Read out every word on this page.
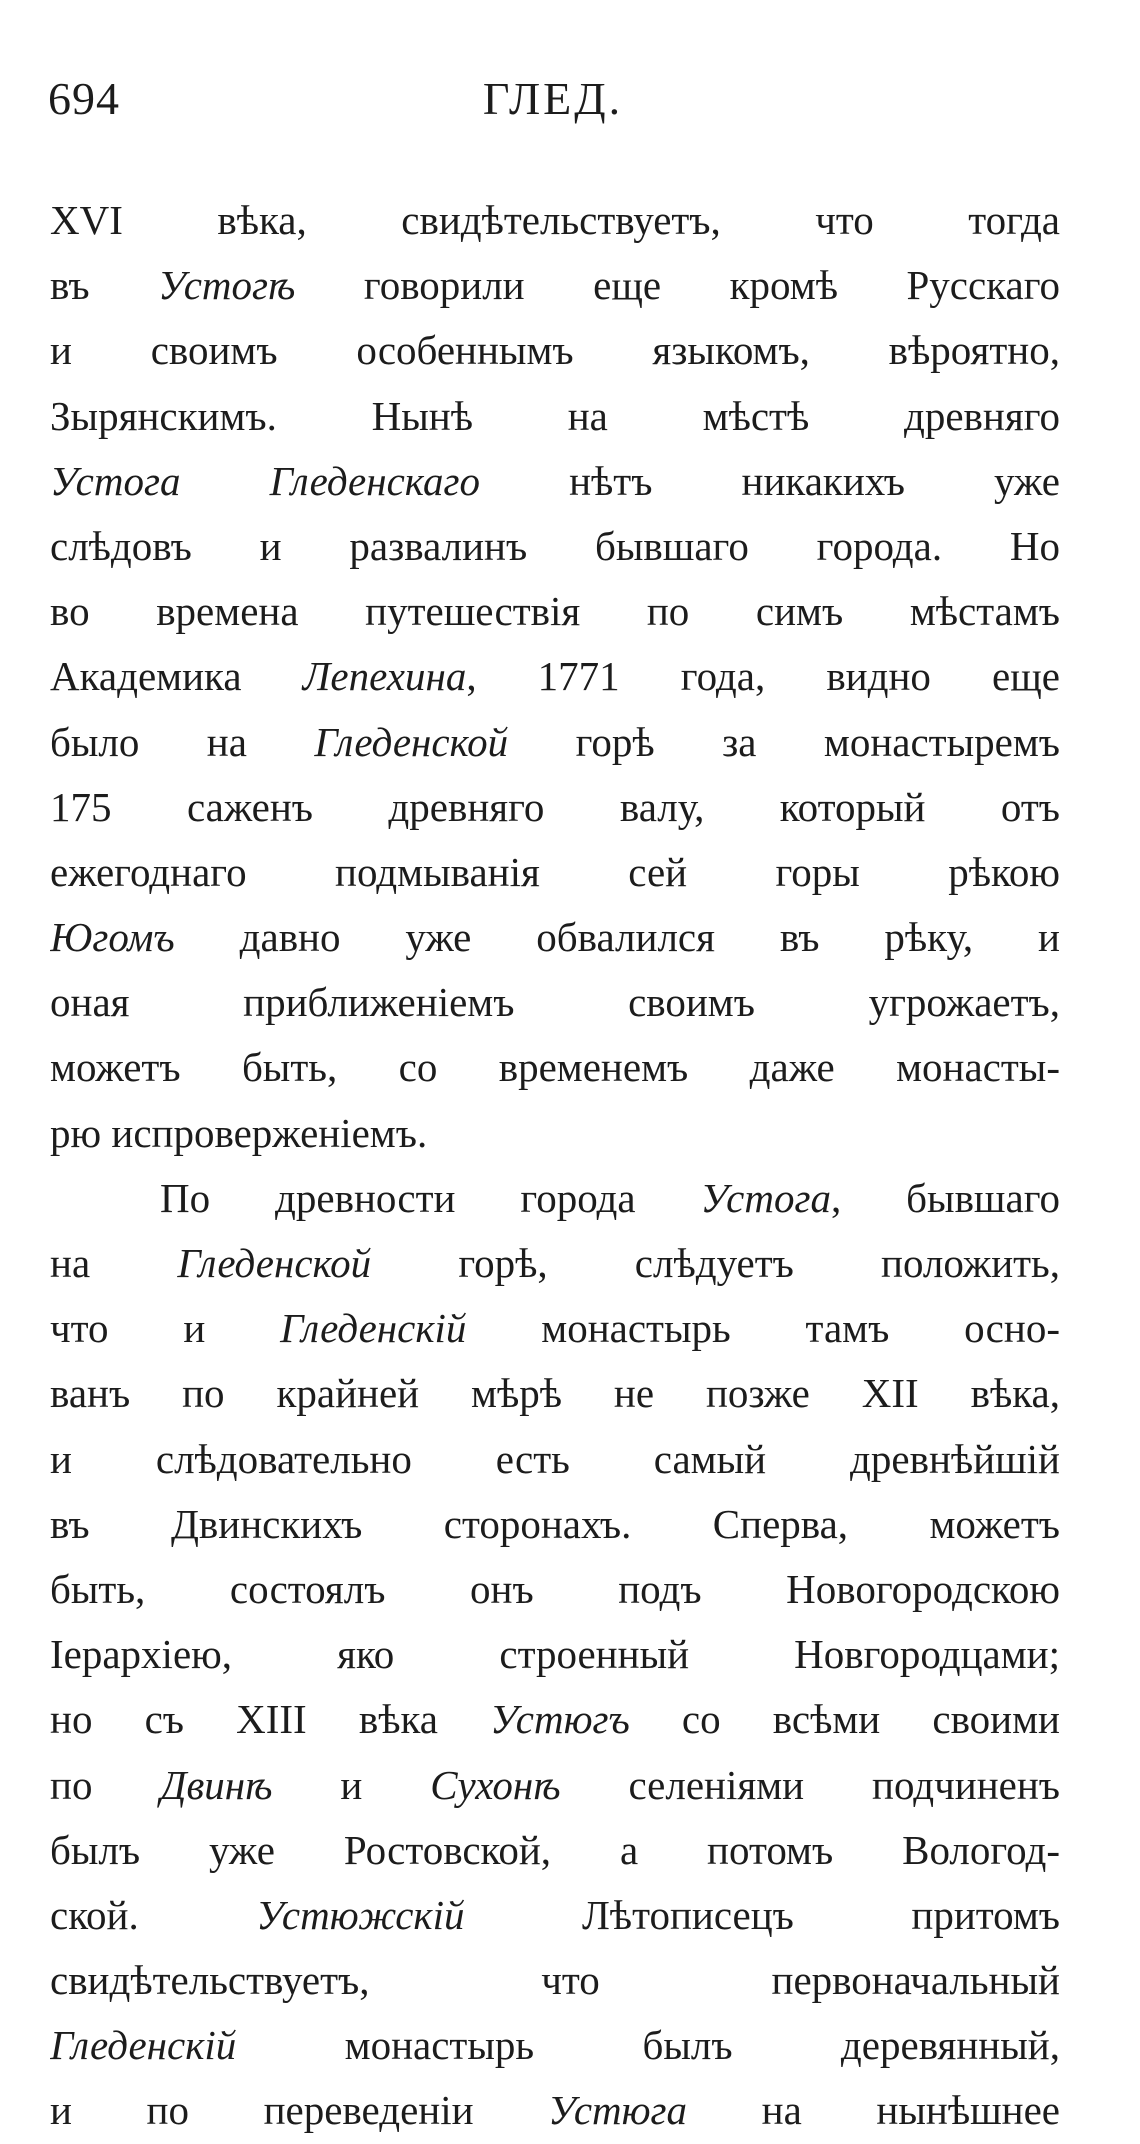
694	ГЛЕД.
XVI вѣка, свидѣтельствуетъ, что тогда
въ Устогѣ говорили еще кромѣ Русскаго
и своимъ особеннымъ языкомъ, вѣроятно,
Зырянскимъ. Нынѣ на мѣстѣ древняго
Устога Гледенскаго нѣтъ никакихъ уже
слѣдовъ и развалинъ бывшаго города. Но
во времена путешествія по симъ мѣстамъ
Академика Лепехина, 1771 года, видно еще
было на Гледенской горѣ за монастыремъ
175 саженъ древняго валу, который отъ
ежегоднаго подмыванія сей горы рѣкою
Югомъ давно уже обвалился въ рѣку, и
оная приближеніемъ своимъ угрожаетъ,
можетъ быть, со временемъ даже монасты-
рю испроверженіемъ.
По древности города Устога, бывшаго
на Гледенской горѣ, слѣдуетъ положить,
что и Гледенскій монастырь тамъ осно-
ванъ по крайней мѣрѣ не позже XII вѣка,
и слѣдовательно есть самый древнѣйшій
въ Двинскихъ сторонахъ. Сперва, можетъ
быть, состоялъ онъ подъ Новогородскою
Іерархіею, яко строенный Новгородцами;
но съ XIII вѣка Устюгъ со всѣми своими
по Двинѣ и Сухонѣ селеніями подчиненъ
былъ уже Ростовской, а потомъ Вологод-
ской. Устюжскій Лѣтописецъ притомъ
свидѣтельствуетъ, что первоначальный
Гледенскій монастырь былъ деревянный,
и по переведеніи Устюга на нынѣшнее
